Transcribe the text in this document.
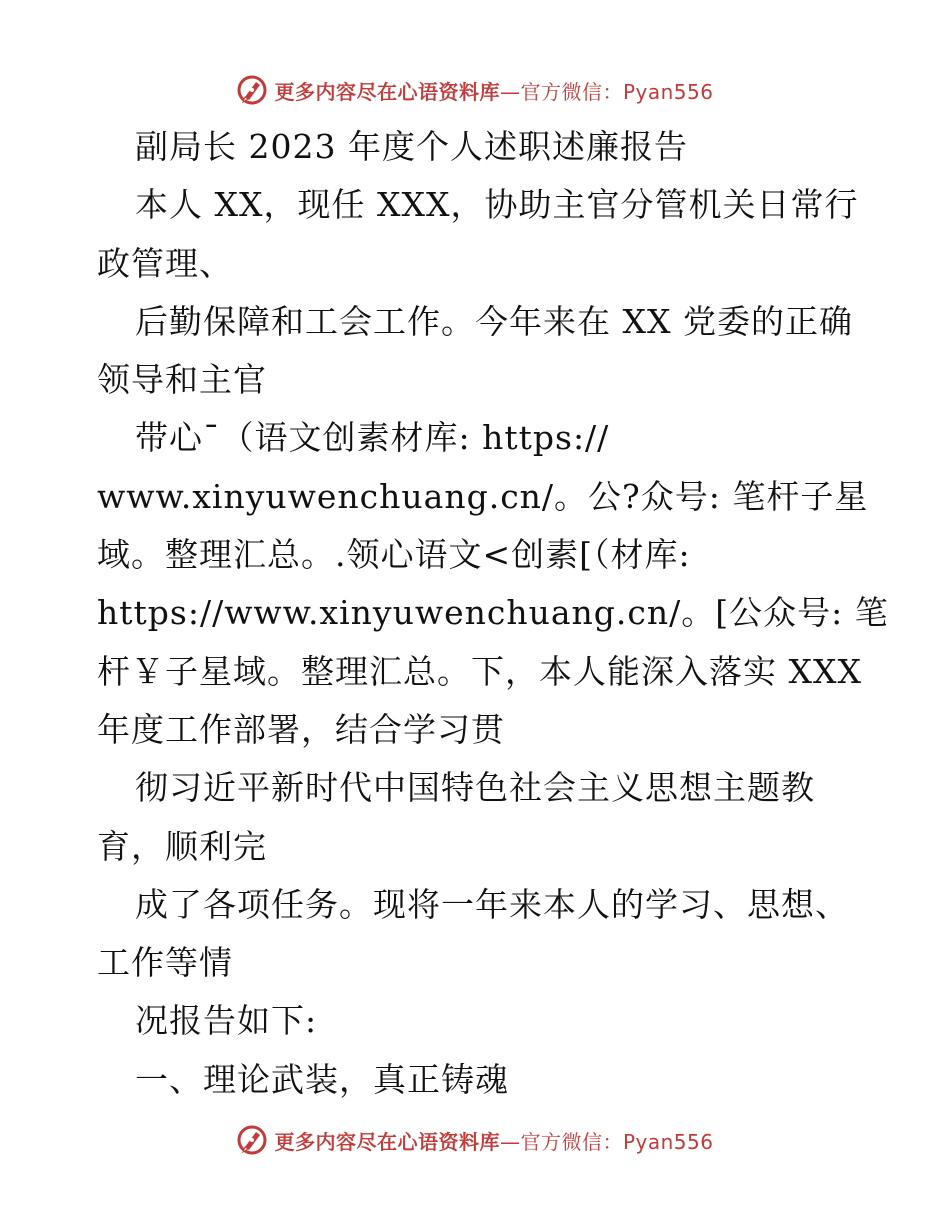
更多内容尽在心语资料库—官方微信：Pyan556
副局长 2023 年度个人述职述廉报告
本人 XX，现任 XXX，协助主官分管机关日常行
政管理、
后勤保障和工会工作。今年来在 XX 党委的正确
领导和主官
带心¯（语文创素材库: https://
www.xinyuwenchuang.cn/。公?众号: 笔杆子星
域。整理汇总。.领心语文<创素[（材库:
https://www.xinyuwenchuang.cn/。[公众号: 笔
杆￥子星域。整理汇总。下，本人能深入落实 XXX
年度工作部署，结合学习贯
彻习近平新时代中国特色社会主义思想主题教
育，顺利完
成了各项任务。现将一年来本人的学习、思想、
工作等情
况报告如下:
一、理论武装，真正铸魂
更多内容尽在心语资料库—官方微信：Pyan556
